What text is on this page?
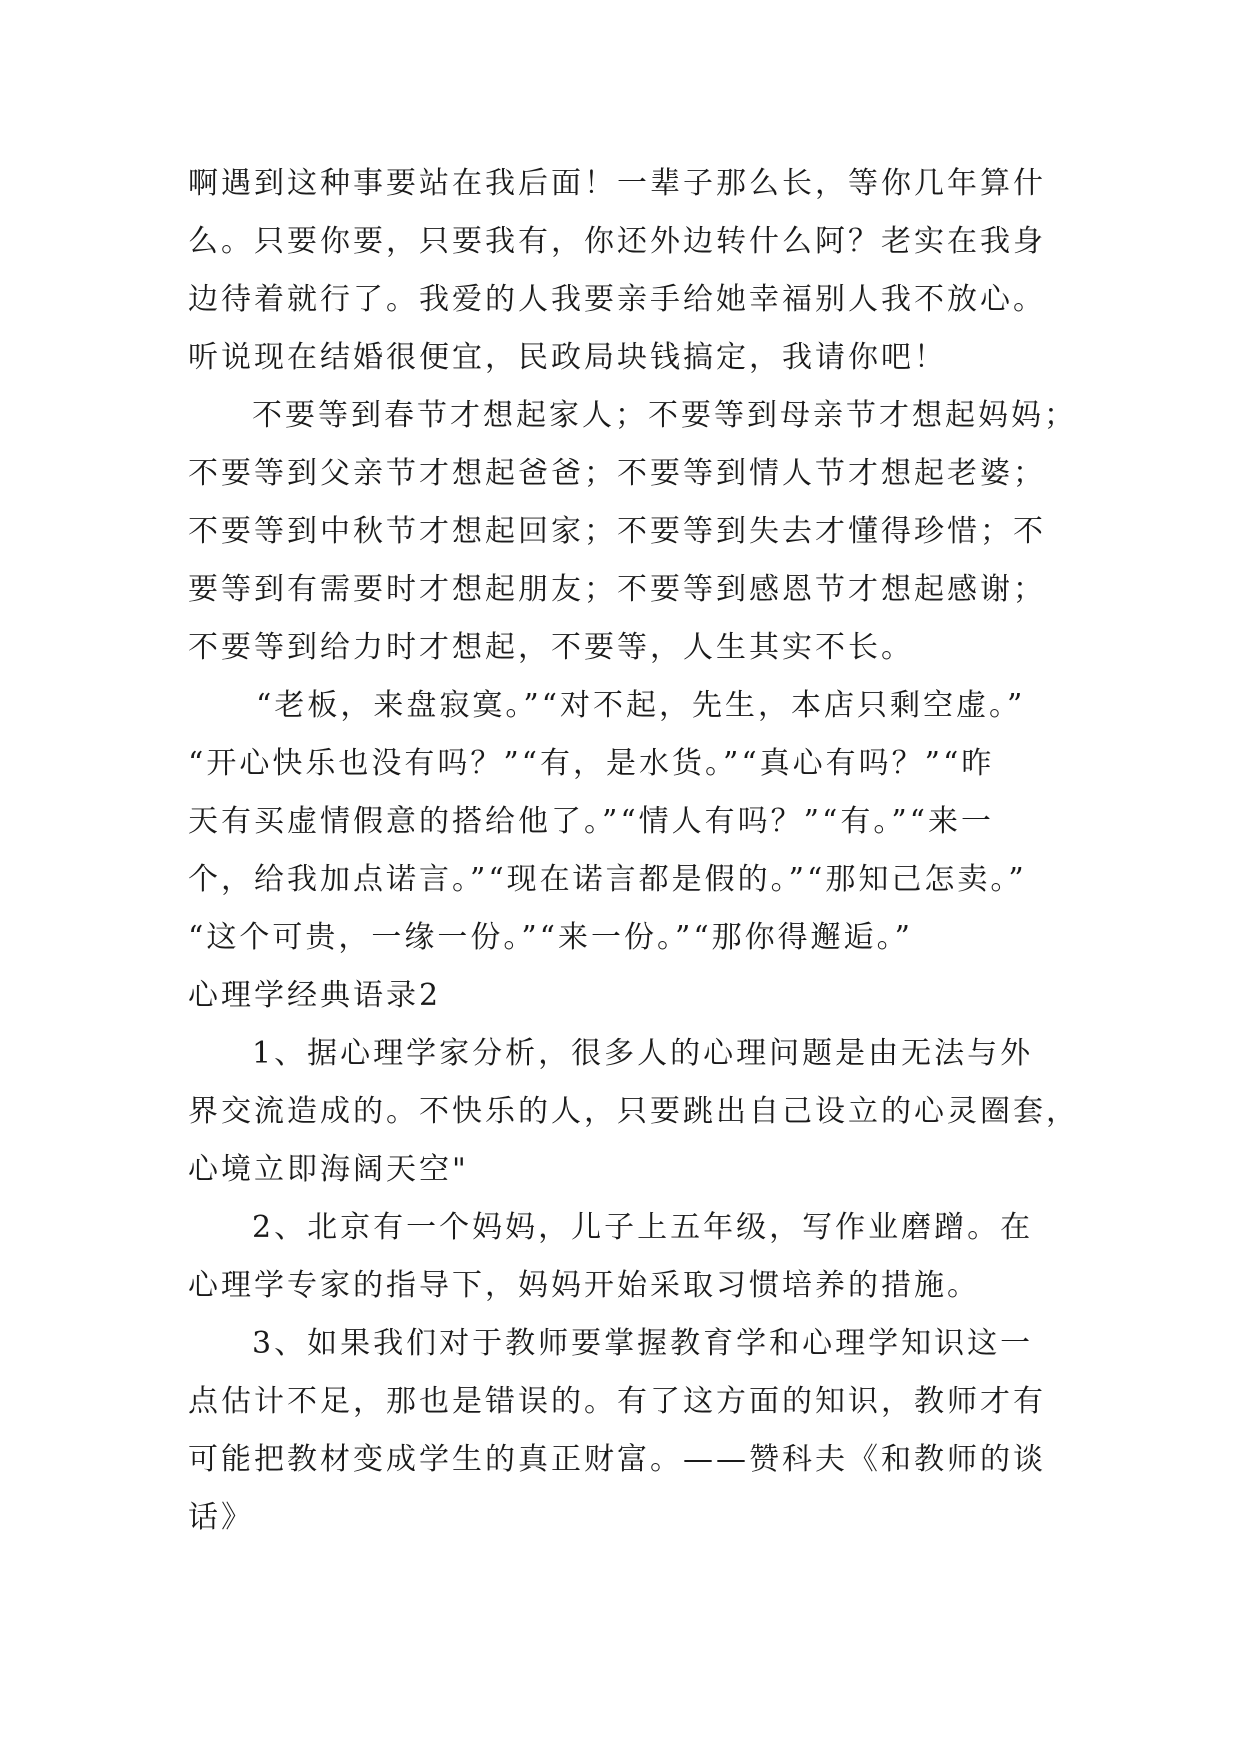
啊遇到这种事要站在我后面！一辈子那么长，等你几年算什
么。只要你要，只要我有，你还外边转什么阿？老实在我身
边待着就行了。我爱的人我要亲手给她幸福别人我不放心。
听说现在结婚很便宜，民政局块钱搞定，我请你吧！
不要等到春节才想起家人；不要等到母亲节才想起妈妈；
不要等到父亲节才想起爸爸；不要等到情人节才想起老婆；
不要等到中秋节才想起回家；不要等到失去才懂得珍惜；不
要等到有需要时才想起朋友；不要等到感恩节才想起感谢；
不要等到给力时才想起，不要等，人生其实不长。
“老板，来盘寂寞。”“对不起，先生，本店只剩空虚。”
“开心快乐也没有吗？”“有，是水货。”“真心有吗？”“昨
天有买虚情假意的搭给他了。”“情人有吗？”“有。”“来一
个，给我加点诺言。”“现在诺言都是假的。”“那知己怎卖。”
“这个可贵，一缘一份。”“来一份。”“那你得邂逅。”
心理学经典语录2
1、据心理学家分析，很多人的心理问题是由无法与外
界交流造成的。不快乐的人，只要跳出自己设立的心灵圈套，
心境立即海阔天空"
2、北京有一个妈妈，儿子上五年级，写作业磨蹭。在
心理学专家的指导下，妈妈开始采取习惯培养的措施。
3、如果我们对于教师要掌握教育学和心理学知识这一
点估计不足，那也是错误的。有了这方面的知识，教师才有
可能把教材变成学生的真正财富。——赞科夫《和教师的谈
话》
